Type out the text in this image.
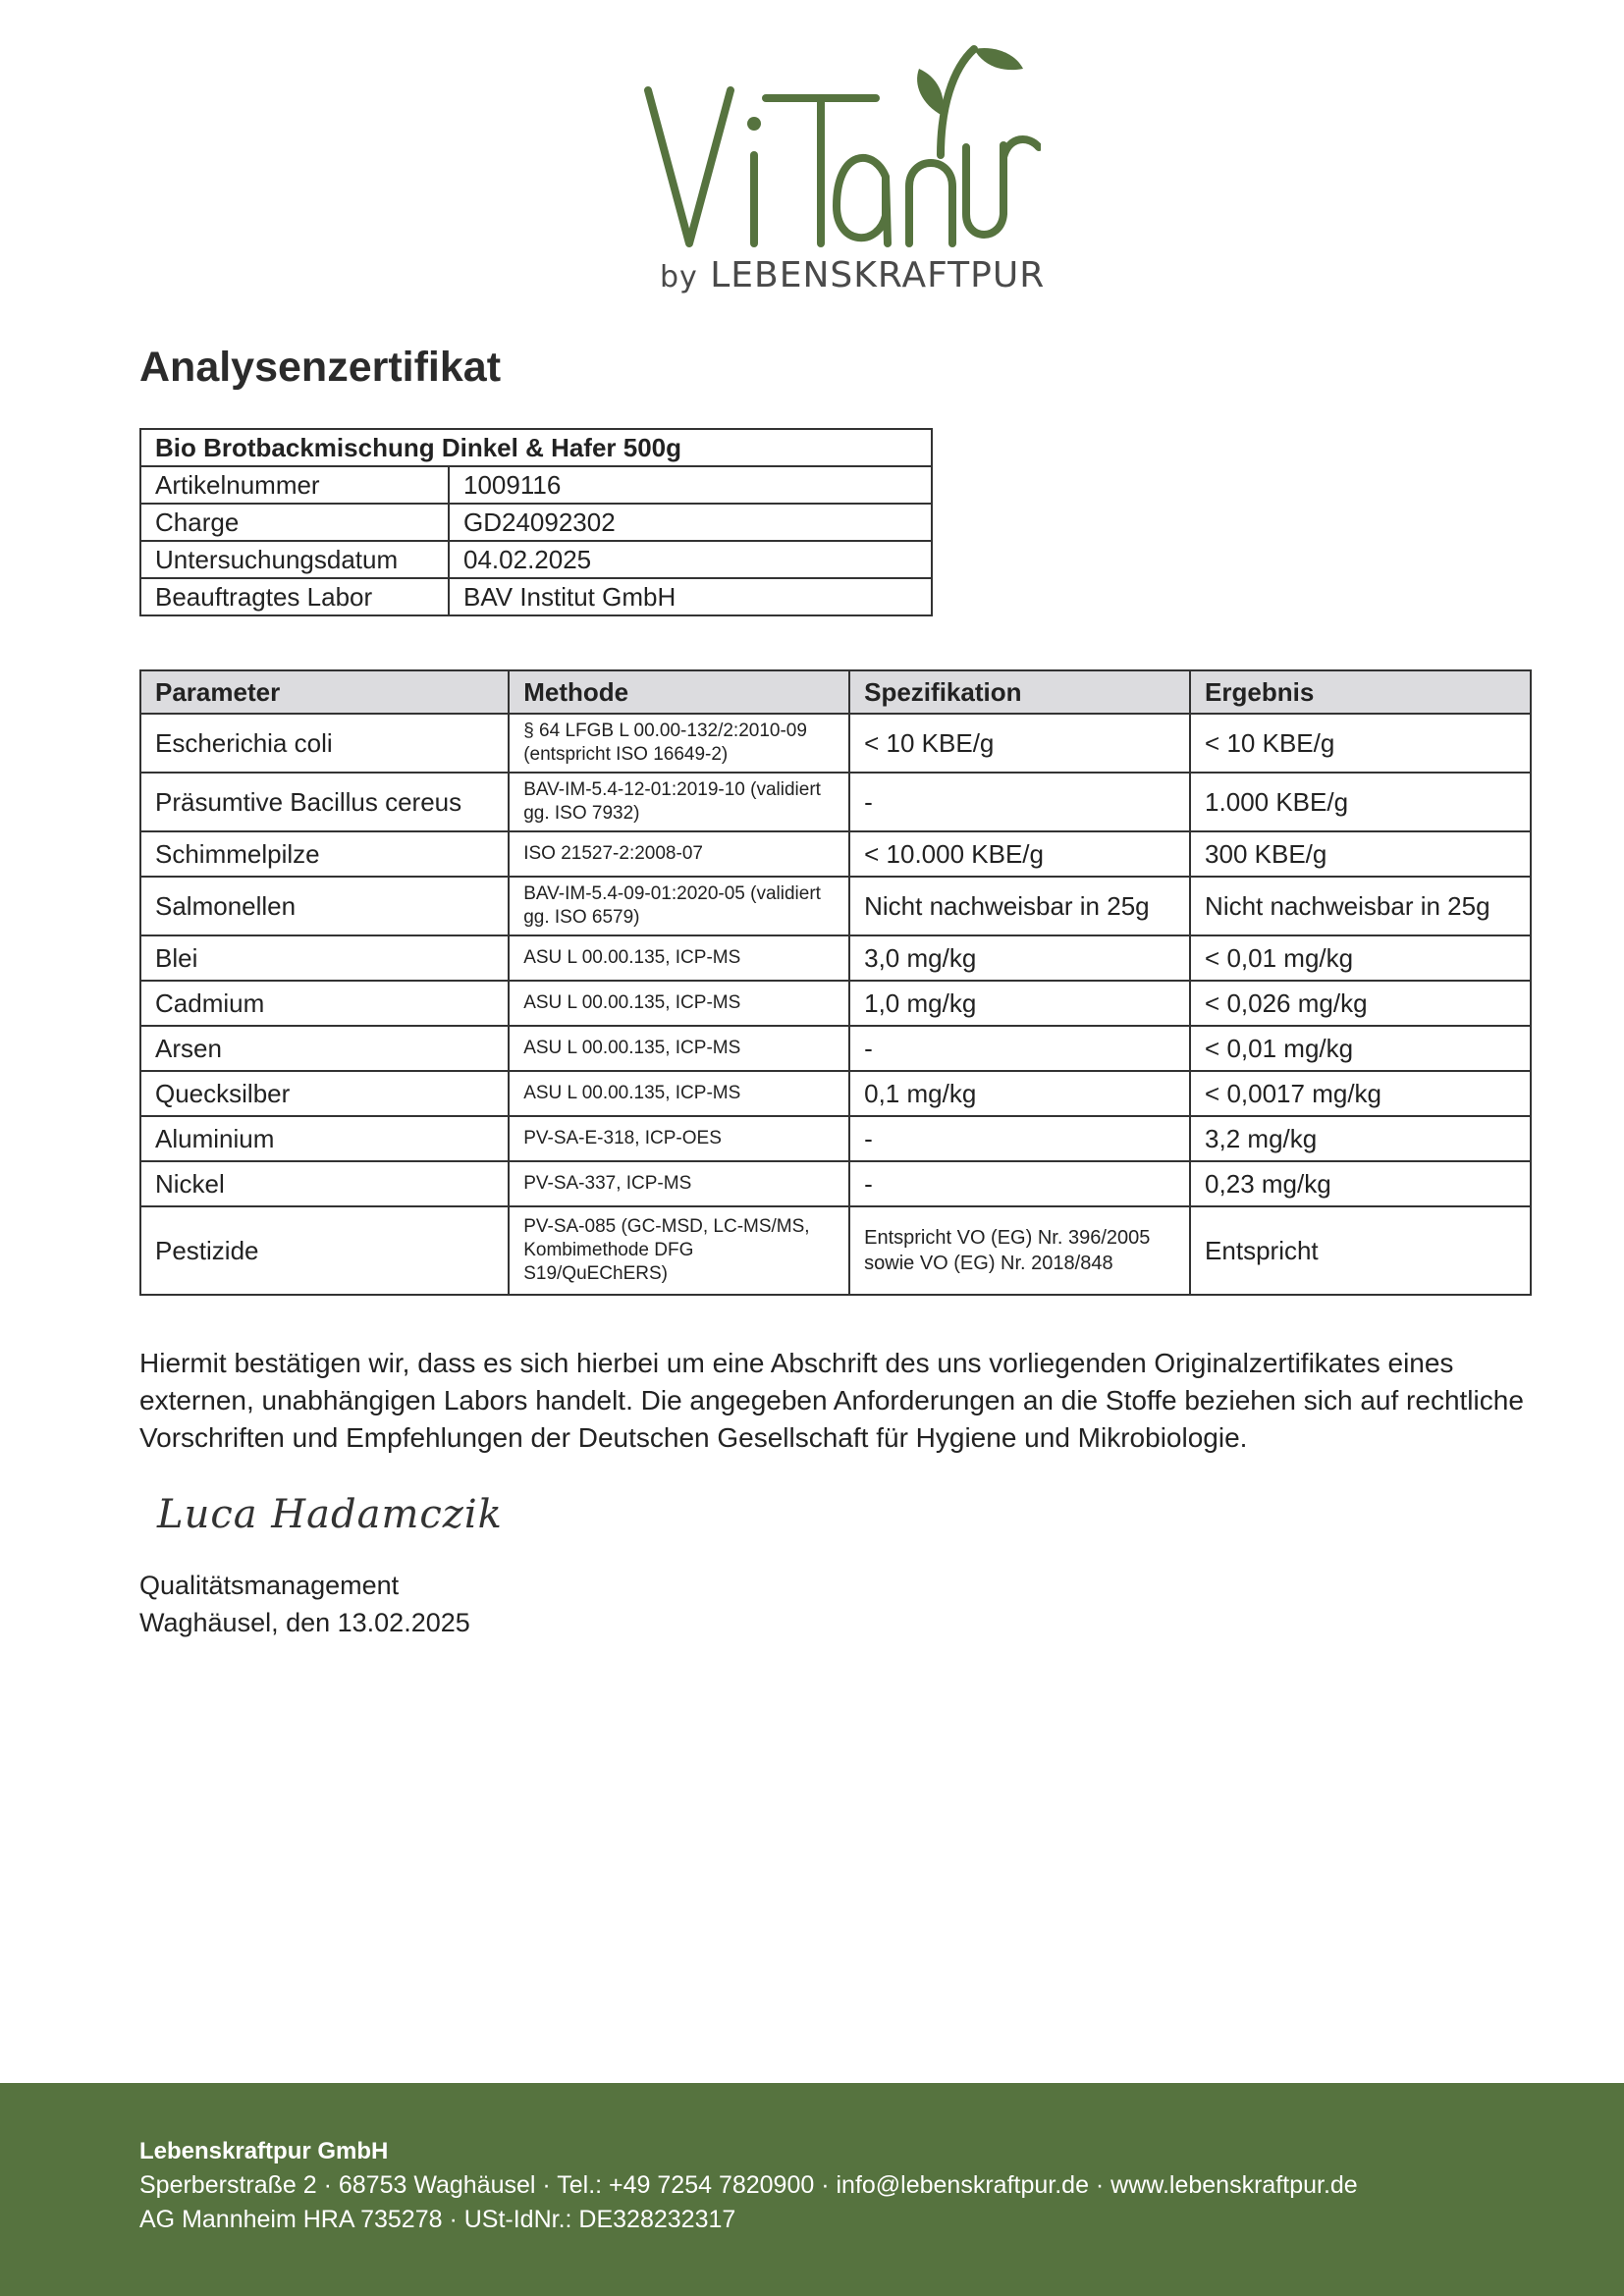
by LEBENSKRAFTPUR
Analysenzertifikat
Bio Brotbackmischung Dinkel & Hafer 500g	
Artikelnummer	1009116
Charge	GD24092302
Untersuchungsdatum	04.02.2025
Beauftragtes Labor	BAV Institut GmbH
Parameter	Methode	Spezifikation	Ergebnis
Escherichia coli	§ 64 LFGB L 00.00-132/2:2010-09 (entspricht ISO 16649-2)	< 10 KBE/g	< 10 KBE/g
Präsumtive Bacillus cereus	BAV-IM-5.4-12-01:2019-10 (validiert gg. ISO 7932)	-	1.000 KBE/g
Schimmelpilze	ISO 21527-2:2008-07	< 10.000 KBE/g	300 KBE/g
Salmonellen	BAV-IM-5.4-09-01:2020-05 (validiert gg. ISO 6579)	Nicht nachweisbar in 25g	Nicht nachweisbar in 25g
Blei	ASU L 00.00.135, ICP-MS	3,0 mg/kg	< 0,01 mg/kg
Cadmium	ASU L 00.00.135, ICP-MS	1,0 mg/kg	< 0,026 mg/kg
Arsen	ASU L 00.00.135, ICP-MS	-	< 0,01 mg/kg
Quecksilber	ASU L 00.00.135, ICP-MS	0,1 mg/kg	< 0,0017 mg/kg
Aluminium	PV-SA-E-318, ICP-OES	-	3,2 mg/kg
Nickel	PV-SA-337, ICP-MS	-	0,23 mg/kg
Pestizide	PV-SA-085 (GC-MSD, LC-MS/MS, Kombimethode DFG S19/QuEChERS)	Entspricht VO (EG) Nr. 396/2005 sowie VO (EG) Nr. 2018/848	Entspricht

Hiermit bestätigen wir, dass es sich hierbei um eine Abschrift des uns vorliegenden Originalzertifikates eines externen, unabhängigen Labors handelt. Die angegeben Anforderungen an die Stoffe beziehen sich auf rechtliche Vorschriften und Empfehlungen der Deutschen Gesellschaft für Hygiene und Mikrobiologie.

Luca Hadamczik
Qualitätsmanagement
Waghäusel, den 13.02.2025
Lebenskraftpur GmbH
Sperberstraße 2 · 68753 Waghäusel · Tel.: +49 7254 7820900 · info@lebenskraftpur.de · www.lebenskraftpur.de
AG Mannheim HRA 735278 · USt-IdNr.: DE328232317
